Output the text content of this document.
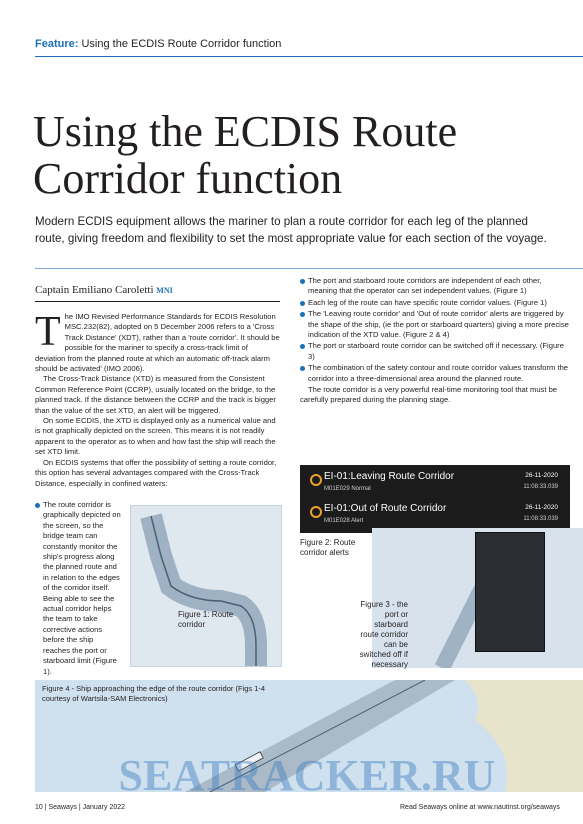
Feature: Using the ECDIS Route Corridor function
Using the ECDIS Route Corridor function

Modern ECDIS equipment allows the mariner to plan a route corridor for each leg of the planned route, giving freedom and flexibility to set the most appropriate value for each section of the voyage.

Captain Emiliano Caroletti MNI

The IMO Revised Performance Standards for ECDIS Resolution MSC.232(82), adopted on 5 December 2006 refers to a 'Cross Track Distance' (XDT), rather than a 'route corridor'. It should be possible for the mariner to specify a cross-track limit of deviation from the planned route at which an automatic off-track alarm should be activated' (IMO 2006).

The Cross-Track Distance (XTD) is measured from the Consistent Common Reference Point (CCRP), usually located on the bridge, to the planned track. If the distance between the CCRP and the track is bigger than the value of the set XTD, an alert will be triggered.

On some ECDIS, the XTD is displayed only as a numerical value and is not graphically depicted on the screen. This means it is not readily apparent to the operator as to when and how fast the ship will reach the set XTD limit.

On ECDIS systems that offer the possibility of setting a route corridor, this option has several advantages compared with the Cross-Track Distance, especially in confined waters:

The route corridor is graphically depicted on the screen, so the bridge team can constantly monitor the ship's progress along the planned route and in relation to the edges of the corridor itself. Being able to see the actual corridor helps the team to take corrective actions before the ship reaches the port or starboard limit (Figure 1).

Figure 1: Route corridor

The port and starboard route corridors are independent of each other, meaning that the operator can set independent values. (Figure 1)

Each leg of the route can have specific route corridor values. (Figure 1)

The 'Leaving route corridor' and 'Out of route corridor' alerts are triggered by the shape of the ship, (ie the port or starboard quarters) giving a more precise indication of the XTD value. (Figure 2 & 4)

The port or starboard route corridor can be switched off if necessary. (Figure 3)

The combination of the safety contour and route corridor values transform the corridor into a three-dimensional area around the planned route.

The route corridor is a very powerful real-time monitoring tool that must be carefully prepared during the planning stage.

EI-01:Leaving Route Corridor
M01E029 Normal
26-11-2020
11:08:33.039
EI-01:Out of Route Corridor
M01E028 Alert
26-11-2020
11:08:33.039
Figure 2: Route corridor alerts
Figure 3 - the port or starboard route corridor can be switched off if necessary
Figure 4 - Ship approaching the edge of the route corridor (Figs 1-4 courtesy of Wartsila-SAM Electronics)
SEATRACKER.RU
10 | Seaways | January 2022	Read Seaways online at www.nautinst.org/seaways
